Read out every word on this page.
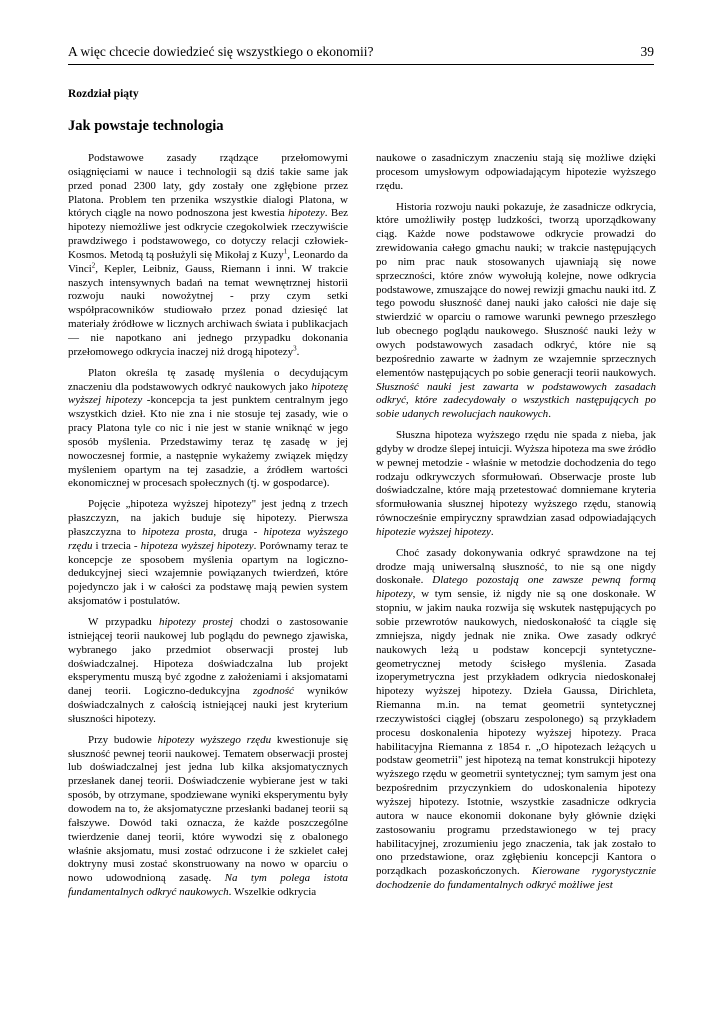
A więc chcecie dowiedzieć się wszystkiego o ekonomii?	39
Rozdział piąty
Jak powstaje technologia

Podstawowe zasady rządzące przełomowymi osiągnięciami w nauce i technologii są dziś takie same jak przed ponad 2300 laty, gdy zostały one zgłębione przez Platona. Problem ten przenika wszystkie dialogi Platona, w których ciągle na nowo podnoszona jest kwestia hipotezy. Bez hipotezy niemożliwe jest odkrycie czegokolwiek rzeczywiście prawdziwego i podstawowego, co dotyczy relacji człowiek-Kosmos. Metodą tą posłużyli się Mikołaj z Kuzy$^1$, Leonardo da Vinci$^2$, Kepler, Leibniz, Gauss, Riemann i inni. W trakcie naszych intensywnych badań na temat wewnętrznej historii rozwoju nauki nowożytnej - przy czym setki współpracowników studiowało przez ponad dziesięć lat materiały źródłowe w licznych archiwach świata i publikacjach — nie napotkano ani jednego przypadku dokonania przełomowego odkrycia inaczej niż drogą hipotezy$^3$.

Platon określa tę zasadę myślenia o decydującym znaczeniu dla podstawowych odkryć naukowych jako hipotezę wyższej hipotezy -koncepcja ta jest punktem centralnym jego wszystkich dzieł. Kto nie zna i nie stosuje tej zasady, wie o pracy Platona tyle co nic i nie jest w stanie wniknąć w jego sposób myślenia. Przedstawimy teraz tę zasadę w jej nowoczesnej formie, a następnie wykażemy związek między myśleniem opartym na tej zasadzie, a źródłem wartości ekonomicznej w procesach społecznych (tj. w gospodarce).

Pojęcie „hipoteza wyższej hipotezy" jest jedną z trzech płaszczyzn, na jakich buduje się hipotezy. Pierwsza płaszczyzna to hipoteza prosta, druga - hipoteza wyższego rzędu i trzecia - hipoteza wyższej hipotezy. Porównamy teraz te koncepcje ze sposobem myślenia opartym na logiczno-dedukcyjnej sieci wzajemnie powiązanych twierdzeń, które pojedynczo jak i w całości za podstawę mają pewien system aksjomatów i postulatów.

W przypadku hipotezy prostej chodzi o zastosowanie istniejącej teorii naukowej lub poglądu do pewnego zjawiska, wybranego jako przedmiot obserwacji prostej lub doświadczalnej. Hipoteza doświadczalna lub projekt eksperymentu muszą być zgodne z założeniami i aksjomatami danej teorii. Logiczno-dedukcyjna zgodność wyników doświadczalnych z całością istniejącej nauki jest kryterium słuszności hipotezy.

Przy budowie hipotezy wyższego rzędu kwestionuje się słuszność pewnej teorii naukowej. Tematem obserwacji prostej lub doświadczalnej jest jedna lub kilka aksjomatycznych przesłanek danej teorii. Doświadczenie wybierane jest w taki sposób, by otrzymane, spodziewane wyniki eksperymentu były dowodem na to, że aksjomatyczne przesłanki badanej teorii są fałszywe. Dowód taki oznacza, że każde poszczególne twierdzenie danej teorii, które wywodzi się z obalonego właśnie aksjomatu, musi zostać odrzucone i że szkielet całej doktryny musi zostać skonstruowany na nowo w oparciu o nowo udowodnioną zasadę. Na tym polega istota fundamentalnych odkryć naukowych. Wszelkie odkrycia

naukowe o zasadniczym znaczeniu stają się możliwe dzięki procesom umysłowym odpowiadającym hipotezie wyższego rzędu.

Historia rozwoju nauki pokazuje, że zasadnicze odkrycia, które umożliwiły postęp ludzkości, tworzą uporządkowany ciąg. Każde nowe podstawowe odkrycie prowadzi do zrewidowania całego gmachu nauki; w trakcie następujących po nim prac nauk stosowanych ujawniają się nowe sprzeczności, które znów wywołują kolejne, nowe odkrycia podstawowe, zmuszające do nowej rewizji gmachu nauki itd. Z tego powodu słuszność danej nauki jako całości nie daje się stwierdzić w oparciu o ramowe warunki pewnego przeszłego lub obecnego poglądu naukowego. Słuszność nauki leży w owych podstawowych zasadach odkryć, które nie są bezpośrednio zawarte w żadnym ze wzajemnie sprzecznych elementów następujących po sobie generacji teorii naukowych. Słuszność nauki jest zawarta w podstawowych zasadach odkryć, które zadecydowały o wszystkich następujących po sobie udanych rewolucjach naukowych.

Słuszna hipoteza wyższego rzędu nie spada z nieba, jak gdyby w drodze ślepej intuicji. Wyższa hipoteza ma swe źródło w pewnej metodzie - właśnie w metodzie dochodzenia do tego rodzaju odkrywczych sformułowań. Obserwacje proste lub doświadczalne, które mają przetestować domniemane kryteria sformułowania słusznej hipotezy wyższego rzędu, stanowią równocześnie empiryczny sprawdzian zasad odpowiadających hipotezie wyższej hipotezy.

Choć zasady dokonywania odkryć sprawdzone na tej drodze mają uniwersalną słuszność, to nie są one nigdy doskonałe. Dlatego pozostają one zawsze pewną formą hipotezy, w tym sensie, iż nigdy nie są one doskonałe. W stopniu, w jakim nauka rozwija się wskutek następujących po sobie przewrotów naukowych, niedoskonałość ta ciągle się zmniejsza, nigdy jednak nie znika. Owe zasady odkryć naukowych leżą u podstaw koncepcji syntetyczne-geometrycznej metody ścisłego myślenia. Zasada izoperymetryczna jest przykładem odkrycia niedoskonałej hipotezy wyższej hipotezy. Dzieła Gaussa, Dirichleta, Riemanna m.in. na temat geometrii syntetycznej rzeczywistości ciągłej (obszaru zespolonego) są przykładem procesu doskonalenia hipotezy wyższej hipotezy. Praca habilitacyjna Riemanna z 1854 r. „O hipotezach leżących u podstaw geometrii" jest hipotezą na temat konstrukcji hipotezy wyższego rzędu w geometrii syntetycznej; tym samym jest ona bezpośrednim przyczynkiem do udoskonalenia hipotezy wyższej hipotezy. Istotnie, wszystkie zasadnicze odkrycia autora w nauce ekonomii dokonane były głównie dzięki zastosowaniu programu przedstawionego w tej pracy habilitacyjnej, zrozumieniu jego znaczenia, tak jak zostało to ono przedstawione, oraz zgłębieniu koncepcji Kantora o porządkach pozaskończonych. Kierowane rygorystycznie dochodzenie do fundamentalnych odkryć możliwe jest
